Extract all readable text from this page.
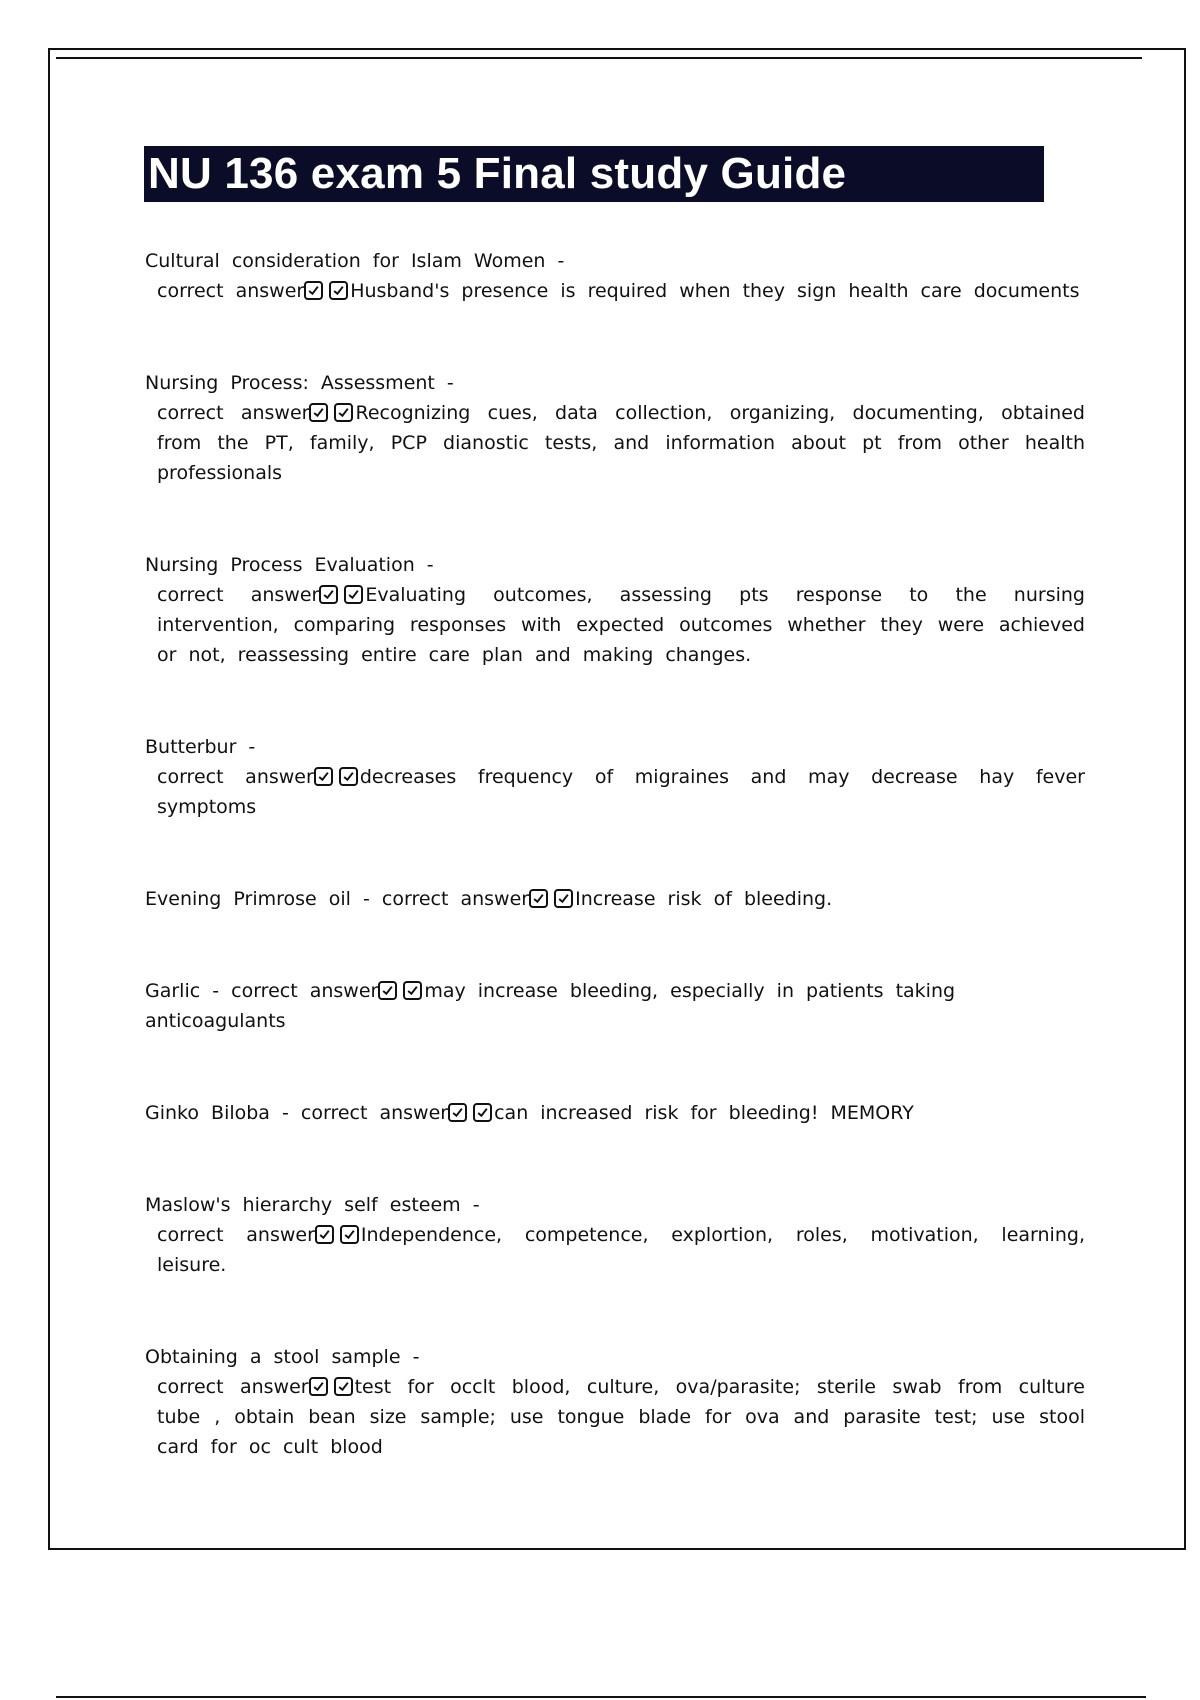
NU 136 exam 5 Final study Guide
Cultural consideration for Islam Women -
correct answer Husband's presence is required when they sign health care documents
Nursing Process: Assessment -
correct answer Recognizing cues, data collection, organizing, documenting, obtained from the PT, family, PCP dianostic tests, and information about pt from other health professionals
Nursing Process Evaluation -
correct answer Evaluating outcomes, assessing pts response to the nursing intervention, comparing responses with expected outcomes whether they were achieved or not, reassessing entire care plan and making changes.
Butterbur -
correct answer decreases frequency of migraines and may decrease hay fever symptoms
Evening Primrose oil - correct answer Increase risk of bleeding.
Garlic - correct answer may increase bleeding, especially in patients taking anticoagulants
Ginko Biloba - correct answer can increased risk for bleeding! MEMORY
Maslow's hierarchy self esteem -
correct answer Independence, competence, explortion, roles, motivation, learning, leisure.
Obtaining a stool sample -
correct answer test for occlt blood, culture, ova/parasite; sterile swab from culture tube , obtain bean size sample; use tongue blade for ova and parasite test; use stool card for oc cult blood
